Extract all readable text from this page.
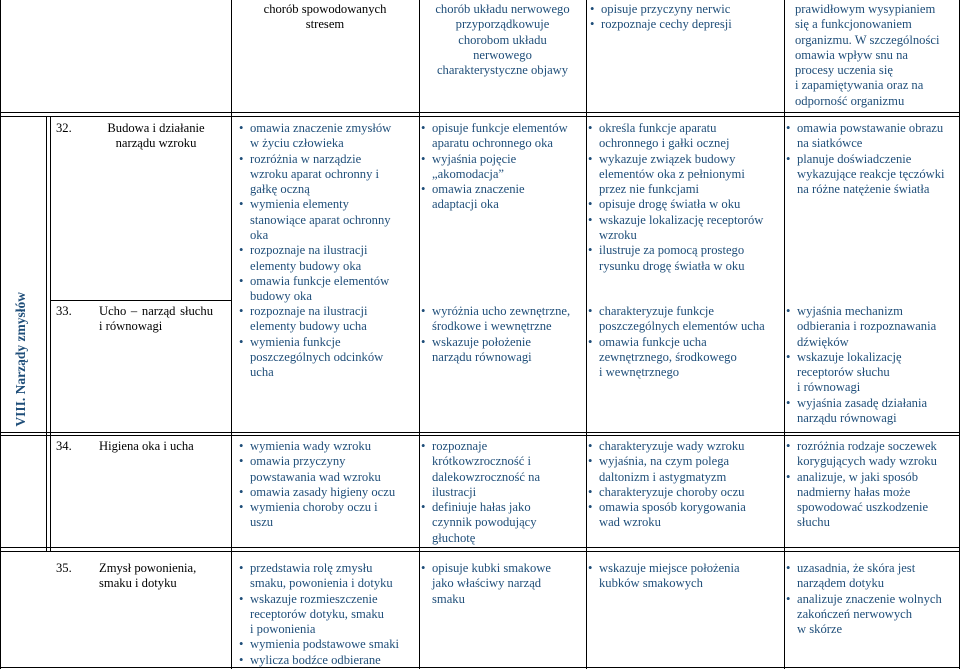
VIII. Narządy zmysłów
chorób spowodowanych
stresem
chorób układu nerwowego
przyporządkowuje
chorobom układu
nerwowego
charakterystyczne objawy
• opisuje przyczyny nerwic
• rozpoznaje cechy depresji
prawidłowym wysypianiem
się a funkcjonowaniem
organizmu. W szczególności
omawia wpływ snu na
procesy uczenia się
i zapamiętywania oraz na
odporność organizmu
32.	Budowa i działanie
narządu wzroku
• omawia znaczenie zmysłów
w życiu człowieka
• rozróżnia w narządzie
wzroku aparat ochronny i
gałkę oczną
• wymienia elementy
stanowiące aparat ochronny
oka
• rozpoznaje na ilustracji
elementy budowy oka
• omawia funkcje elementów
budowy oka
• opisuje funkcje elementów
aparatu ochronnego oka
• wyjaśnia pojęcie
„akomodacja”
• omawia znaczenie
adaptacji oka
• określa funkcje aparatu
ochronnego i gałki ocznej
• wykazuje związek budowy
elementów oka z pełnionymi
przez nie funkcjami
• opisuje drogę światła w oku
• wskazuje lokalizację receptorów
wzroku
• ilustruje za pomocą prostego
rysunku drogę światła w oku
• omawia powstawanie obrazu
na siatkówce
• planuje doświadczenie
wykazujące reakcje tęczówki
na różne natężenie światła
33.	Ucho – narząd słuchu
i równowagi
• rozpoznaje na ilustracji
elementy budowy ucha
• wymienia funkcje
poszczególnych odcinków
ucha
• wyróżnia ucho zewnętrzne,
środkowe i wewnętrzne
• wskazuje położenie
narządu równowagi
• charakteryzuje funkcje
poszczególnych elementów ucha
• omawia funkcje ucha
zewnętrznego, środkowego
i wewnętrznego
• wyjaśnia mechanizm
odbierania i rozpoznawania
dźwięków
• wskazuje lokalizację
receptorów słuchu
i równowagi
• wyjaśnia zasadę działania
narządu równowagi
34.	Higiena oka i ucha
•	wymienia wady wzroku
• omawia przyczyny
powstawania wad wzroku
• omawia zasady higieny oczu
• wymienia choroby oczu i
uszu
• rozpoznaje
krótkowzroczność i
dalekowzroczność na
ilustracji
• definiuje hałas jako
czynnik powodujący
głuchotę
• charakteryzuje wady wzroku
• wyjaśnia, na czym polega
daltonizm i astygmatyzm
• charakteryzuje choroby oczu
• omawia sposób korygowania
wad wzroku
• rozróżnia rodzaje soczewek
korygujących wady wzroku
• analizuje, w jaki sposób
nadmierny hałas może
spowodować uszkodzenie
słuchu
35.	Zmysł powonienia,
smaku i dotyku
• przedstawia rolę zmysłu
smaku, powonienia i dotyku
• wskazuje rozmieszczenie
receptorów dotyku, smaku
i powonienia
• wymienia podstawowe smaki
• wylicza bodźce odbierane
• opisuje kubki smakowe
jako właściwy narząd
smaku
• wskazuje miejsce położenia
kubków smakowych
• uzasadnia, że skóra jest
narządem dotyku
• analizuje znaczenie wolnych
zakończeń nerwowych
w skórze
